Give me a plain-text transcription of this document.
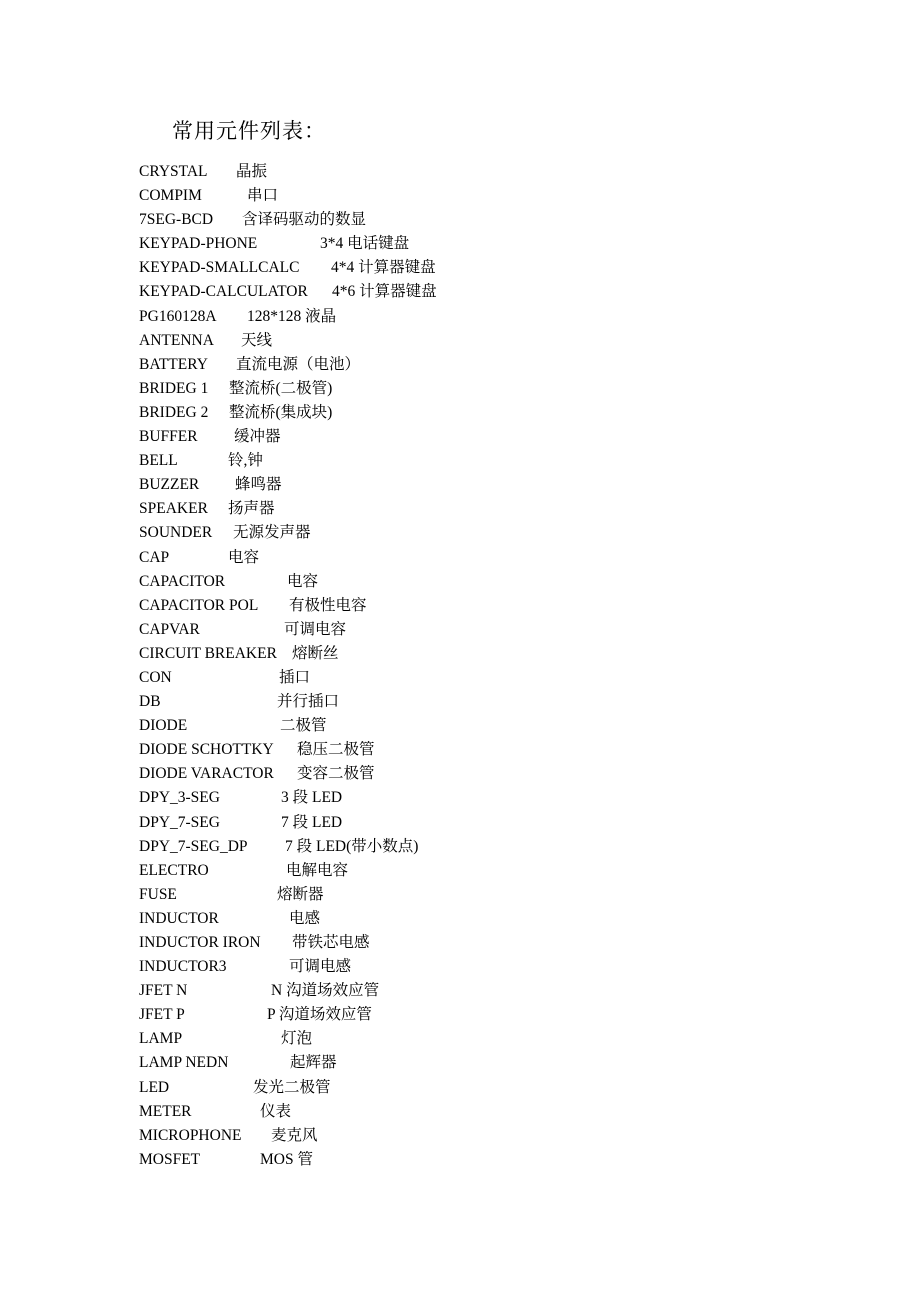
常用元件列表：
CRYSTAL 晶振
COMPIM	串口
7SEG-BCD 含译码驱动的数显
KEYPAD-PHONE	3*4 电话键盘
KEYPAD-SMALLCALC 4*4 计算器键盘
KEYPAD-CALCULATOR 4*6 计算器键盘
PG160128A 128*128 液晶
ANTENNA 天线
BATTERY 直流电源（电池）
BRIDEG 1 整流桥(二极管)
BRIDEG 2 整流桥(集成块)
BUFFER 缓冲器
BELL	铃,钟
BUZZER 蜂鸣器
SPEAKER 扬声器
SOUNDER 无源发声器
CAP	电容
CAPACITOR	电容
CAPACITOR POL 有极性电容
CAPVAR	可调电容
CIRCUIT BREAKER 熔断丝
CON	插口
DB	并行插口
DIODE	二极管
DIODE SCHOTTKY 稳压二极管
DIODE VARACTOR 变容二极管
DPY_3-SEG	3 段 LED
DPY_7-SEG	7 段 LED
DPY_7-SEG_DP 7 段 LED(带小数点)
ELECTRO	电解电容
FUSE	熔断器
INDUCTOR	电感
INDUCTOR IRON 带铁芯电感
INDUCTOR3	可调电感
JFET N	N 沟道场效应管
JFET P	P 沟道场效应管
LAMP	灯泡
LAMP NEDN	起辉器
LED	发光二极管
METER	仪表
MICROPHONE 麦克风
MOSFET	MOS 管
